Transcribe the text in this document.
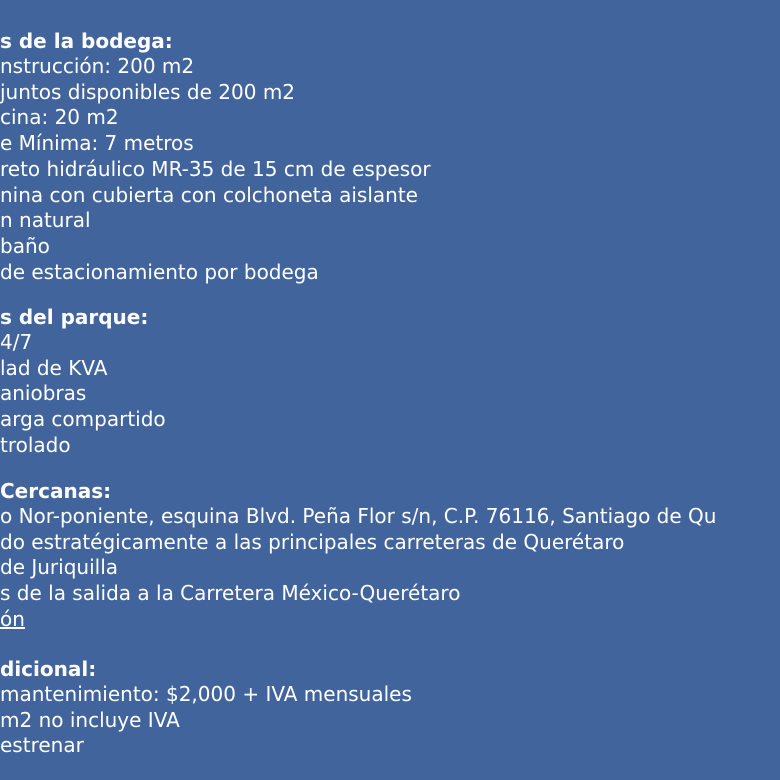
s de la bodega:

nstrucción: 200 m2

juntos disponibles de 200 m2

cina: 20 m2

e Mínima: 7 metros

reto hidráulico MR-35 de 15 cm de espesor

nina con cubierta con colchoneta aislante

n natural

baño

de estacionamiento por bodega

s del parque:

4/7

lad de KVA

aniobras

arga compartido

trolado

Cercanas:

o Nor-poniente, esquina Blvd. Peña Flor s/n, C.P. 76116, Santiago de Qu

do estratégicamente a las principales carreteras de Querétaro

de Juriquilla

s de la salida a la Carretera México-Querétaro

ón

dicional:

mantenimiento: $2,000 + IVA mensuales

m2 no incluye IVA

estrenar
